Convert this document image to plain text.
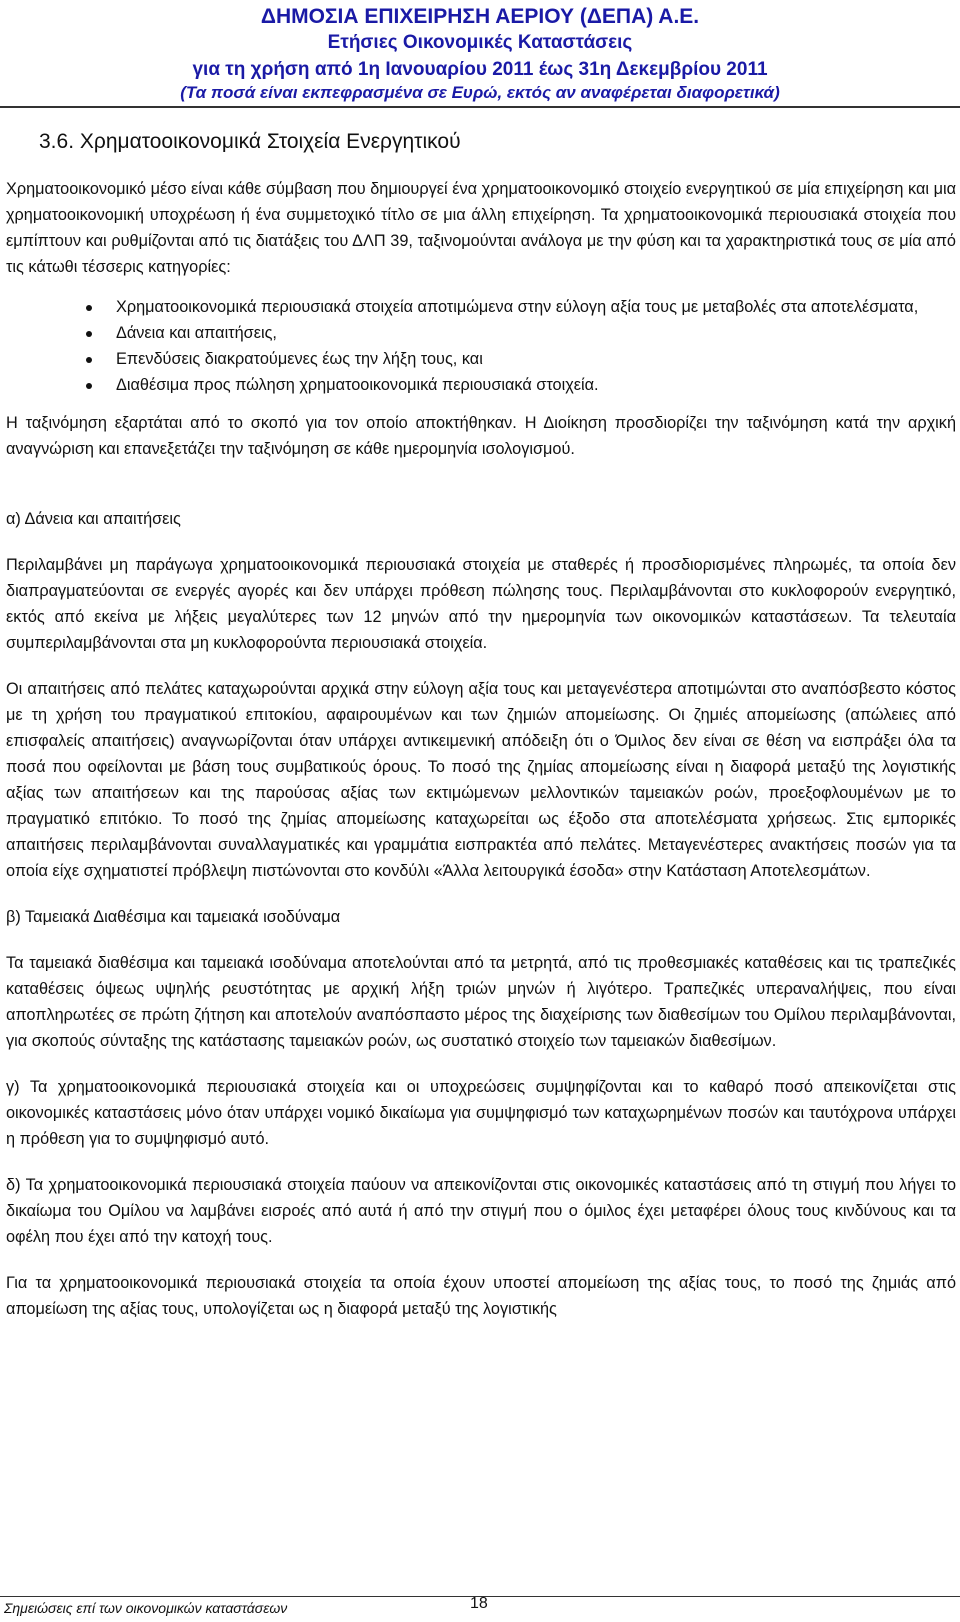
ΔΗΜΟΣΙΑ ΕΠΙΧΕΙΡΗΣΗ ΑΕΡΙΟΥ (ΔΕΠΑ) Α.Ε.
Ετήσιες Οικονομικές Καταστάσεις
για τη χρήση από 1η Ιανουαρίου 2011 έως 31η Δεκεμβρίου 2011
(Τα ποσά είναι εκπεφρασμένα σε Ευρώ, εκτός αν αναφέρεται διαφορετικά)
3.6. Χρηματοοικονομικά Στοιχεία Ενεργητικού

Χρηματοοικονομικό μέσο είναι κάθε σύμβαση που δημιουργεί ένα χρηματοοικονομικό στοιχείο ενεργητικού σε μία επιχείρηση και μια χρηματοοικονομική υποχρέωση ή ένα συμμετοχικό τίτλο σε μια άλλη επιχείρηση. Τα χρηματοοικονομικά περιουσιακά στοιχεία που εμπίπτουν και ρυθμίζονται από τις διατάξεις του ΔΛΠ 39, ταξινομούνται ανάλογα με την φύση και τα χαρακτηριστικά τους σε μία από τις κάτωθι τέσσερις κατηγορίες:

Χρηματοοικονομικά περιουσιακά στοιχεία αποτιμώμενα στην εύλογη αξία τους με μεταβολές στα αποτελέσματα,
Δάνεια και απαιτήσεις,
Επενδύσεις διακρατούμενες έως την λήξη τους, και
Διαθέσιμα προς πώληση χρηματοοικονομικά περιουσιακά στοιχεία.

Η ταξινόμηση εξαρτάται από το σκοπό για τον οποίο αποκτήθηκαν. Η Διοίκηση προσδιορίζει την ταξινόμηση κατά την αρχική αναγνώριση και επανεξετάζει την ταξινόμηση σε κάθε ημερομηνία ισολογισμού.

α) Δάνεια και απαιτήσεις

Περιλαμβάνει μη παράγωγα χρηματοοικονομικά περιουσιακά στοιχεία με σταθερές ή προσδιορισμένες πληρωμές, τα οποία δεν διαπραγματεύονται σε ενεργές αγορές και δεν υπάρχει πρόθεση πώλησης τους. Περιλαμβάνονται στο κυκλοφορούν ενεργητικό, εκτός από εκείνα με λήξεις μεγαλύτερες των 12 μηνών από την ημερομηνία των οικονομικών καταστάσεων. Τα τελευταία συμπεριλαμβάνονται στα μη κυκλοφορούντα περιουσιακά στοιχεία.

Οι απαιτήσεις από πελάτες καταχωρούνται αρχικά στην εύλογη αξία τους και μεταγενέστερα αποτιμώνται στο αναπόσβεστο κόστος με τη χρήση του πραγματικού επιτοκίου, αφαιρουμένων και των ζημιών απομείωσης. Οι ζημιές απομείωσης (απώλειες από επισφαλείς απαιτήσεις) αναγνωρίζονται όταν υπάρχει αντικειμενική απόδειξη ότι ο Όμιλος δεν είναι σε θέση να εισπράξει όλα τα ποσά που οφείλονται με βάση τους συμβατικούς όρους. Το ποσό της ζημίας απομείωσης είναι η διαφορά μεταξύ της λογιστικής αξίας των απαιτήσεων και της παρούσας αξίας των εκτιμώμενων μελλοντικών ταμειακών ροών, προεξοφλουμένων με το πραγματικό επιτόκιο. Το ποσό της ζημίας απομείωσης καταχωρείται ως έξοδο στα αποτελέσματα χρήσεως. Στις εμπορικές απαιτήσεις περιλαμβάνονται συναλλαγματικές και γραμμάτια εισπρακτέα από πελάτες. Μεταγενέστερες ανακτήσεις ποσών για τα οποία είχε σχηματιστεί πρόβλεψη πιστώνονται στο κονδύλι «Άλλα λειτουργικά έσοδα» στην Κατάσταση Αποτελεσμάτων.

β) Ταμειακά Διαθέσιμα και ταμειακά ισοδύναμα

Τα ταμειακά διαθέσιμα και ταμειακά ισοδύναμα αποτελούνται από τα μετρητά, από τις προθεσμιακές καταθέσεις και τις τραπεζικές καταθέσεις όψεως υψηλής ρευστότητας με αρχική λήξη τριών μηνών ή λιγότερο. Τραπεζικές υπεραναλήψεις, που είναι αποπληρωτέες σε πρώτη ζήτηση και αποτελούν αναπόσπαστο μέρος της διαχείρισης των διαθεσίμων του Ομίλου περιλαμβάνονται, για σκοπούς σύνταξης της κατάστασης ταμειακών ροών, ως συστατικό στοιχείο των ταμειακών διαθεσίμων.

γ) Τα χρηματοοικονομικά περιουσιακά στοιχεία και οι υποχρεώσεις συμψηφίζονται και το καθαρό ποσό απεικονίζεται στις οικονομικές καταστάσεις μόνο όταν υπάρχει νομικό δικαίωμα για συμψηφισμό των καταχωρημένων ποσών και ταυτόχρονα υπάρχει η πρόθεση για το συμψηφισμό αυτό.

δ) Τα χρηματοοικονομικά περιουσιακά στοιχεία παύουν να απεικονίζονται στις οικονομικές καταστάσεις από τη στιγμή που λήγει το δικαίωμα του Ομίλου να λαμβάνει εισροές από αυτά ή από την στιγμή που ο όμιλος έχει μεταφέρει όλους τους κινδύνους και τα οφέλη που έχει από την κατοχή τους.

Για τα χρηματοοικονομικά περιουσιακά στοιχεία τα οποία έχουν υποστεί απομείωση της αξίας τους, το ποσό της ζημιάς από απομείωση της αξίας τους, υπολογίζεται ως η διαφορά μεταξύ της λογιστικής

Σημειώσεις επί των οικονομικών καταστάσεων	18
